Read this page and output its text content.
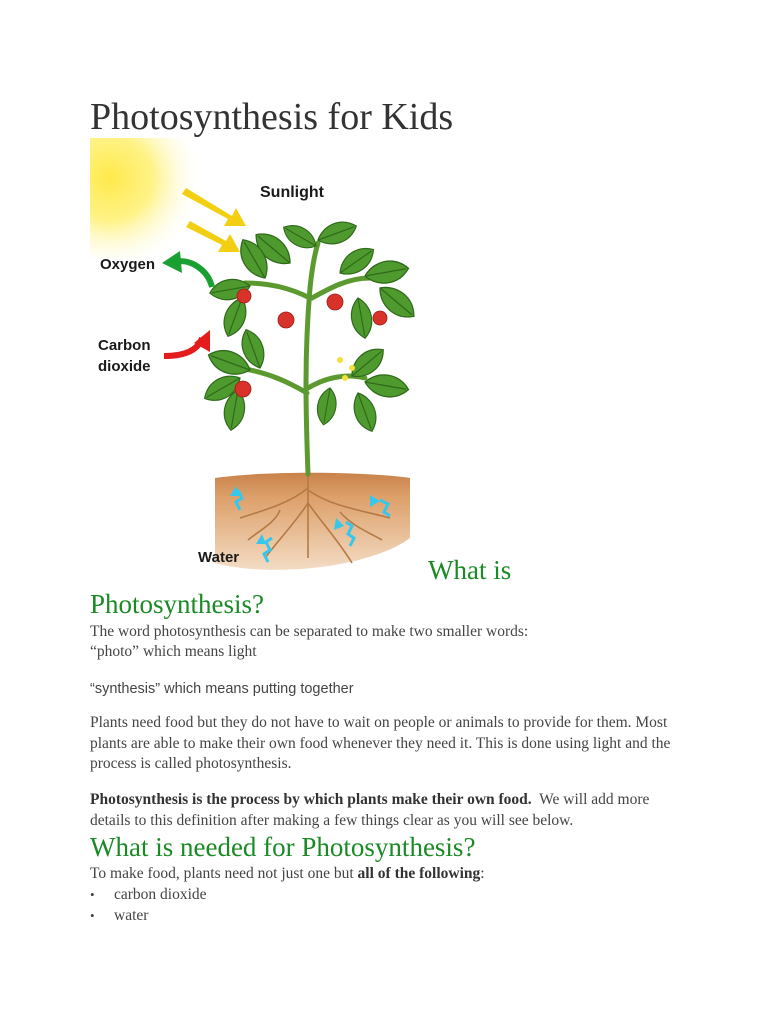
Photosynthesis for Kids
Sunlight
Oxygen
Carbon
dioxide
Water	What is
Photosynthesis?

The word photosynthesis can be separated to make two smaller words:

“photo” which means light

“synthesis” which means putting together

Plants need food but they do not have to wait on people or animals to provide for them. Most plants are able to make their own food whenever they need it. This is done using light and the process is called photosynthesis.

Photosynthesis is the process by which plants make their own food.  We will add more details to this definition after making a few things clear as you will see below.

What is needed for Photosynthesis?

To make food, plants need not just one but all of the following:

• carbon dioxide
• water
